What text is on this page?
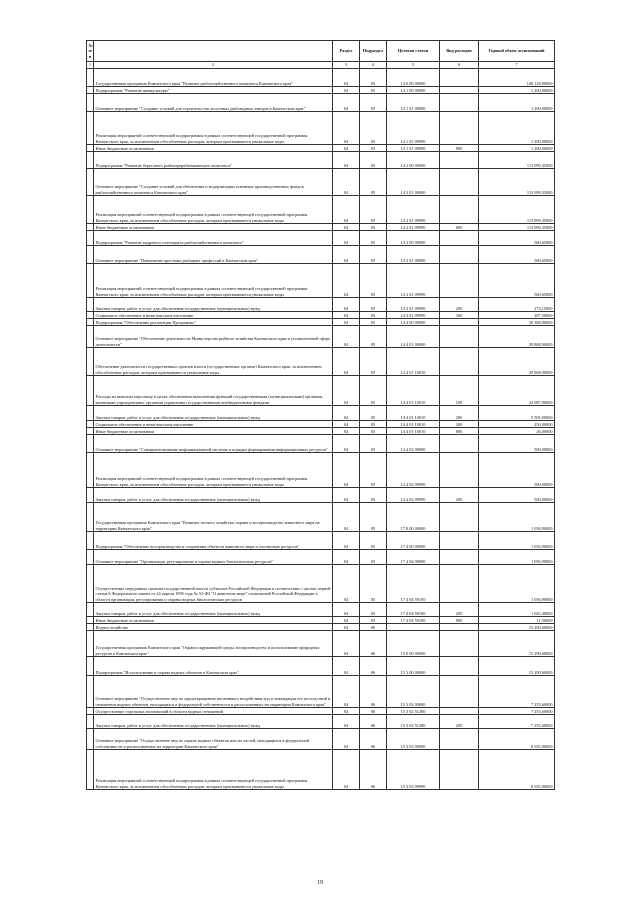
№ п/п		Раздел	Подраздел	Целевая статья	Вид расходов	Годовой объем ассигнований
1	2	3	4	5	6	7
	Государственная программа Камчатского края "Развитие рыбохозяйственного комплекса Камчатского края"	04	05	14 0 00 00000		146 128,90000
	Подпрограмма "Развитие аквакультуры"	04	05	14 1 00 00000		1 200,00000
	Основное мероприятие "Создание условий для строительства лососевых рыбоводных заводов в Камчатском крае"	04	05	14 1 01 00000		1 200,00000
	Реализация мероприятий соответствующей подпрограммы в рамках соответствующей государственной программы Камчатского края, за исключением обособленных расходов, которым присваиваются уникальные коды	04	05	14 1 01 09990		1 200,00000
	Иные бюджетные ассигнования	04	05	14 1 01 09990	800	1 200,00000
	Подпрограмма "Развитие берегового рыбоперерабатывающего комплекса"	04	05	14 2 00 00000		113 999,35000
	Основное мероприятие "Создание условий для обновления и модернизации основных производственных фондов рыбохозяйственного комплекса Камчатского края"	04	05	14 2 01 00000		113 999,35000
	Реализация мероприятий соответствующей подпрограммы в рамках соответствующей государственной программы Камчатского края, за исключением обособленных расходов, которым присваиваются уникальные коды	04	05	14 2 01 09990		113 999,35000
	Иные бюджетные ассигнования	04	05	14 2 01 09990	800	113 999,35000
	Подпрограмма "Развитие кадрового потенциала рыбохозяйственного комплекса"	04	05	14 3 00 00000		560,65000
	Основное мероприятие "Повышение престижа рыбацких профессий в Камчатском крае"	04	05	14 3 01 00000		560,65000
	Реализация мероприятий соответствующей подпрограммы в рамках соответствующей государственной программы Камчатского края, за исключением обособленных расходов, которым присваиваются уникальные коды	04	05	14 3 01 09990		560,65000
	Закупка товаров, работ и услуг для обеспечения государственных (муниципальных) нужд	04	05	14 3 01 09990	200	273,15000
	Социальное обеспечение и иные выплаты населению	04	05	14 3 01 09990	300	287,50000
	Подпрограмма "Обеспечение реализации Программы"	04	05	14 4 00 00000		30 368,90000
	Основное мероприятие "Обеспечение деятельности Министерства рыбного хозяйства Камчатского края и установленной сфере деятельности"	04	05	14 4 01 00000		29 868,90000
	Обеспечение деятельности государственных органов власти (государственных органов) Камчатского края, за исключением обособленных расходов, которым присваиваются уникальные коды	04	05	14 4 01 10010		29 868,90000
	Расходы на выплаты персоналу в целях обеспечения выполнения функций государственными (муниципальными) органами, казенными учреждениями, органами управления государственными внебюджетными фондами	04	05	14 4 01 10010	100	24 087,90000
	Закупка товаров, работ и услуг для обеспечения государственных (муниципальных) нужд	04	05	14 4 01 10010	200	5 505,00000
	Социальное обеспечение и иные выплаты населению	04	05	14 4 01 10010	300	250,00000
	Иные бюджетные ассигнования	04	05	14 4 01 10010	800	26,00000
	Основное мероприятие "Совершенствование информационной системы и порядка формирования информационных ресурсов"	04	05	14 4 02 00000		500,00000
	Реализация мероприятий соответствующей подпрограммы в рамках соответствующей государственной программы Камчатского края, за исключением обособленных расходов, которым присваиваются уникальные коды	04	05	14 4 02 09990		500,00000
	Закупка товаров, работ и услуг для обеспечения государственных (муниципальных) нужд	04	05	14 4 02 09990	200	500,00000
	Государственная программа Камчатского края "Развитие лесного хозяйства, охрана и воспроизводство животного мира на территории Камчатского края"	04	05	17 0 00 00000		1 056,90000
	Подпрограмма "Обеспечение воспроизводства и сохранения объектов животного мира и охотничьих ресурсов"	04	05	17 4 00 00000		1 056,90000
	Основное мероприятие "Организация, регулирование и охрана водных биологических ресурсов"	04	05	17 4 04 00000		1 056,90000
	Осуществление переданных органам государственной власти субъектов Российской Федерации в соответствии с частью первой статьи 6 Федерального закона от 24 апреля 1995 года № 52-ФЗ "О животном мире" полномочий Российской Федерации в области организации, регулирования и охраны водных биологических ресурсов	04	05	17 4 04 59100		1 056,90000
	Закупка товаров, работ и услуг для обеспечения государственных (муниципальных) нужд	04	05	17 4 04 59100	200	1 045,40000
	Иные бюджетные ассигнования	04	05	17 4 04 59100	800	11,50000
	Водное хозяйство	04	06			15 290,60000
	Государственная программа Камчатского края "Охрана окружающей среды, воспроизводство и использование природных ресурсов в Камчатском крае"	04	06	15 0 00 00000		15 290,60000
	Подпрограмма "Использование и охрана водных объектов в Камчатском крае"	04	06	15 3 00 00000		15 290,60000
	Основное мероприятие "Осуществление мер по предотвращению негативного воздействия вод и ликвидации его последствий в отношении водных объектов, находящихся в федеральной собственности и расположенных на территории Камчатского края"	04	06	15 3 02 00000		7 255,60000
	Осуществление отдельных полномочий в области водных отношений	04	06	15 3 02 51280		7 255,60000
	Закупка товаров, работ и услуг для обеспечения государственных (муниципальных) нужд	04	06	15 3 02 51280	200	7 255,60000
	Основное мероприятие "Осуществление мер по охране водных объектов или их частей, находящихся в федеральной собственности и расположенных на территории Камчатского края"	04	06	15 3 03 00000		8 035,00000
	Реализация мероприятий соответствующей подпрограммы в рамках соответствующей государственной программы Камчатского края, за исключением обособленных расходов, которым присваиваются уникальные коды	04	06	15 3 03 09990		8 035,00000
19
